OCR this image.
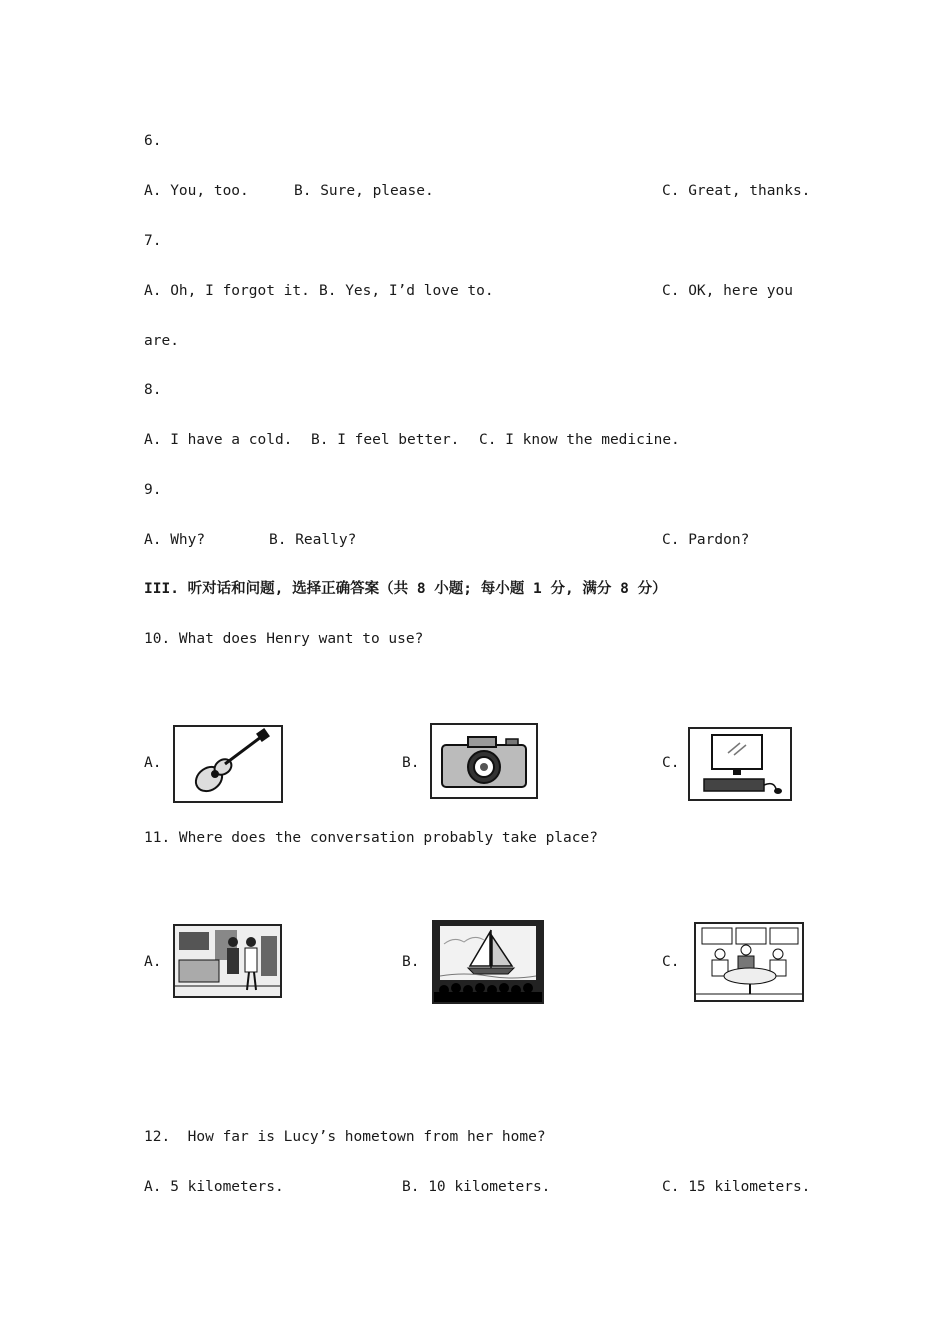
6.
A. You, too.	B. Sure, please.	C. Great, thanks.
7.
A. Oh, I forgot it. B. Yes, I’d love to.	C. OK, here you
are.
8.
A. I have a cold. B. I feel better. C. I know the medicine.
9.
A. Why?	B. Really?	C. Pardon?
III. 听对话和问题, 选择正确答案（共 8 小题; 每小题 1 分, 满分 8 分）
10. What does Henry want to use?
A.	B.	C.
11. Where does the conversation probably take place?
A.	B.	C.
12.  How far is Lucy’s hometown from her home?
A. 5 kilometers.	B. 10 kilometers.	C. 15 kilometers.
